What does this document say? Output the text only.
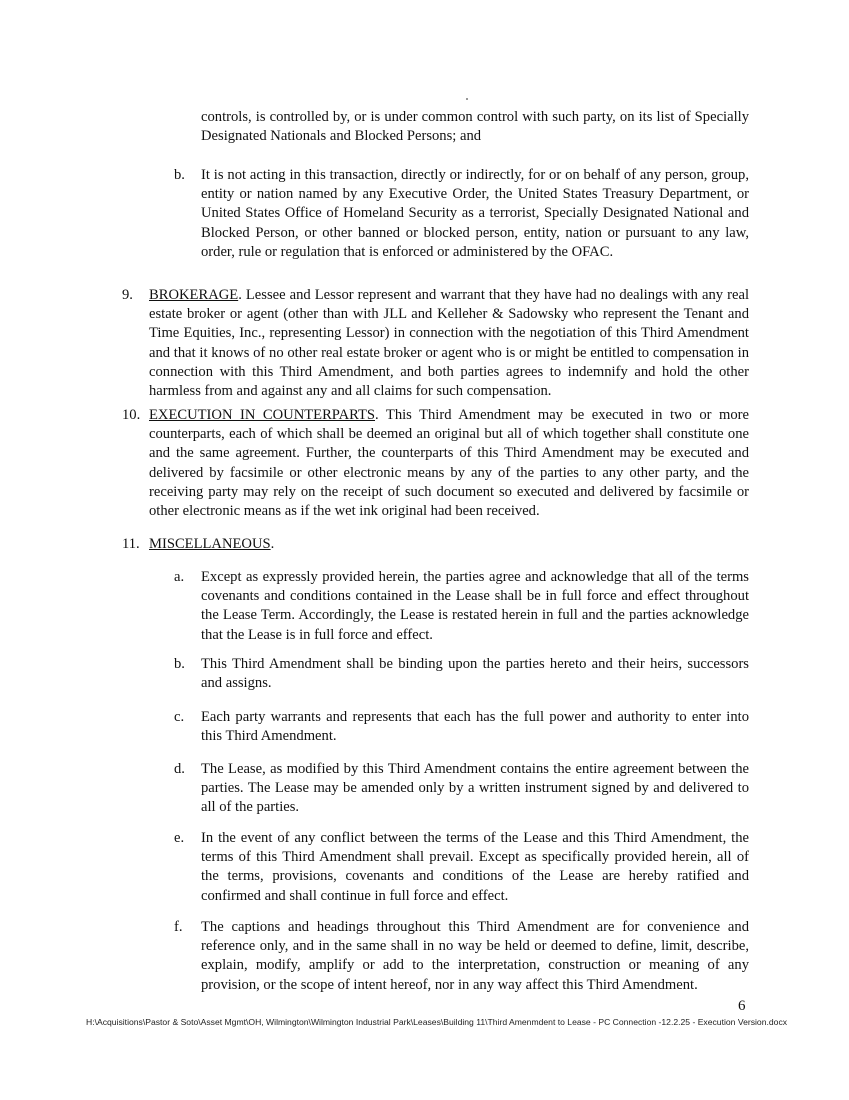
controls, is controlled by, or is under common control with such party, on its list of Specially Designated Nationals and Blocked Persons; and
b.	It is not acting in this transaction, directly or indirectly, for or on behalf of any person, group, entity or nation named by any Executive Order, the United States Treasury Department, or United States Office of Homeland Security as a terrorist, Specially Designated National and Blocked Person, or other banned or blocked person, entity, nation or pursuant to any law, order, rule or regulation that is enforced or administered by the OFAC.
9. BROKERAGE. Lessee and Lessor represent and warrant that they have had no dealings with any real estate broker or agent (other than with JLL and Kelleher & Sadowsky who represent the Tenant and Time Equities, Inc., representing Lessor) in connection with the negotiation of this Third Amendment and that it knows of no other real estate broker or agent who is or might be entitled to compensation in connection with this Third Amendment, and both parties agrees to indemnify and hold the other harmless from and against any and all claims for such compensation.
10. EXECUTION IN COUNTERPARTS. This Third Amendment may be executed in two or more counterparts, each of which shall be deemed an original but all of which together shall constitute one and the same agreement. Further, the counterparts of this Third Amendment may be executed and delivered by facsimile or other electronic means by any of the parties to any other party, and the receiving party may rely on the receipt of such document so executed and delivered by facsimile or other electronic means as if the wet ink original had been received.
11. MISCELLANEOUS.
a.	Except as expressly provided herein, the parties agree and acknowledge that all of the terms covenants and conditions contained in the Lease shall be in full force and effect throughout the Lease Term. Accordingly, the Lease is restated herein in full and the parties acknowledge that the Lease is in full force and effect.
b.	This Third Amendment shall be binding upon the parties hereto and their heirs, successors and assigns.
c.	Each party warrants and represents that each has the full power and authority to enter into this Third Amendment.
d.	The Lease, as modified by this Third Amendment contains the entire agreement between the parties. The Lease may be amended only by a written instrument signed by and delivered to all of the parties.
e.	In the event of any conflict between the terms of the Lease and this Third Amendment, the terms of this Third Amendment shall prevail. Except as specifically provided herein, all of the terms, provisions, covenants and conditions of the Lease are hereby ratified and confirmed and shall continue in full force and effect.
f.	The captions and headings throughout this Third Amendment are for convenience and reference only, and in the same shall in no way be held or deemed to define, limit, describe, explain, modify, amplify or add to the interpretation, construction or meaning of any provision, or the scope of intent hereof, nor in any way affect this Third Amendment.
6
H:\Acquisitions\Pastor & Soto\Asset Mgmt\OH, Wilmington\Wilmington Industrial Park\Leases\Building 11\Third Amenmdent to Lease - PC Connection -12.2.25 - Execution Version.docx
